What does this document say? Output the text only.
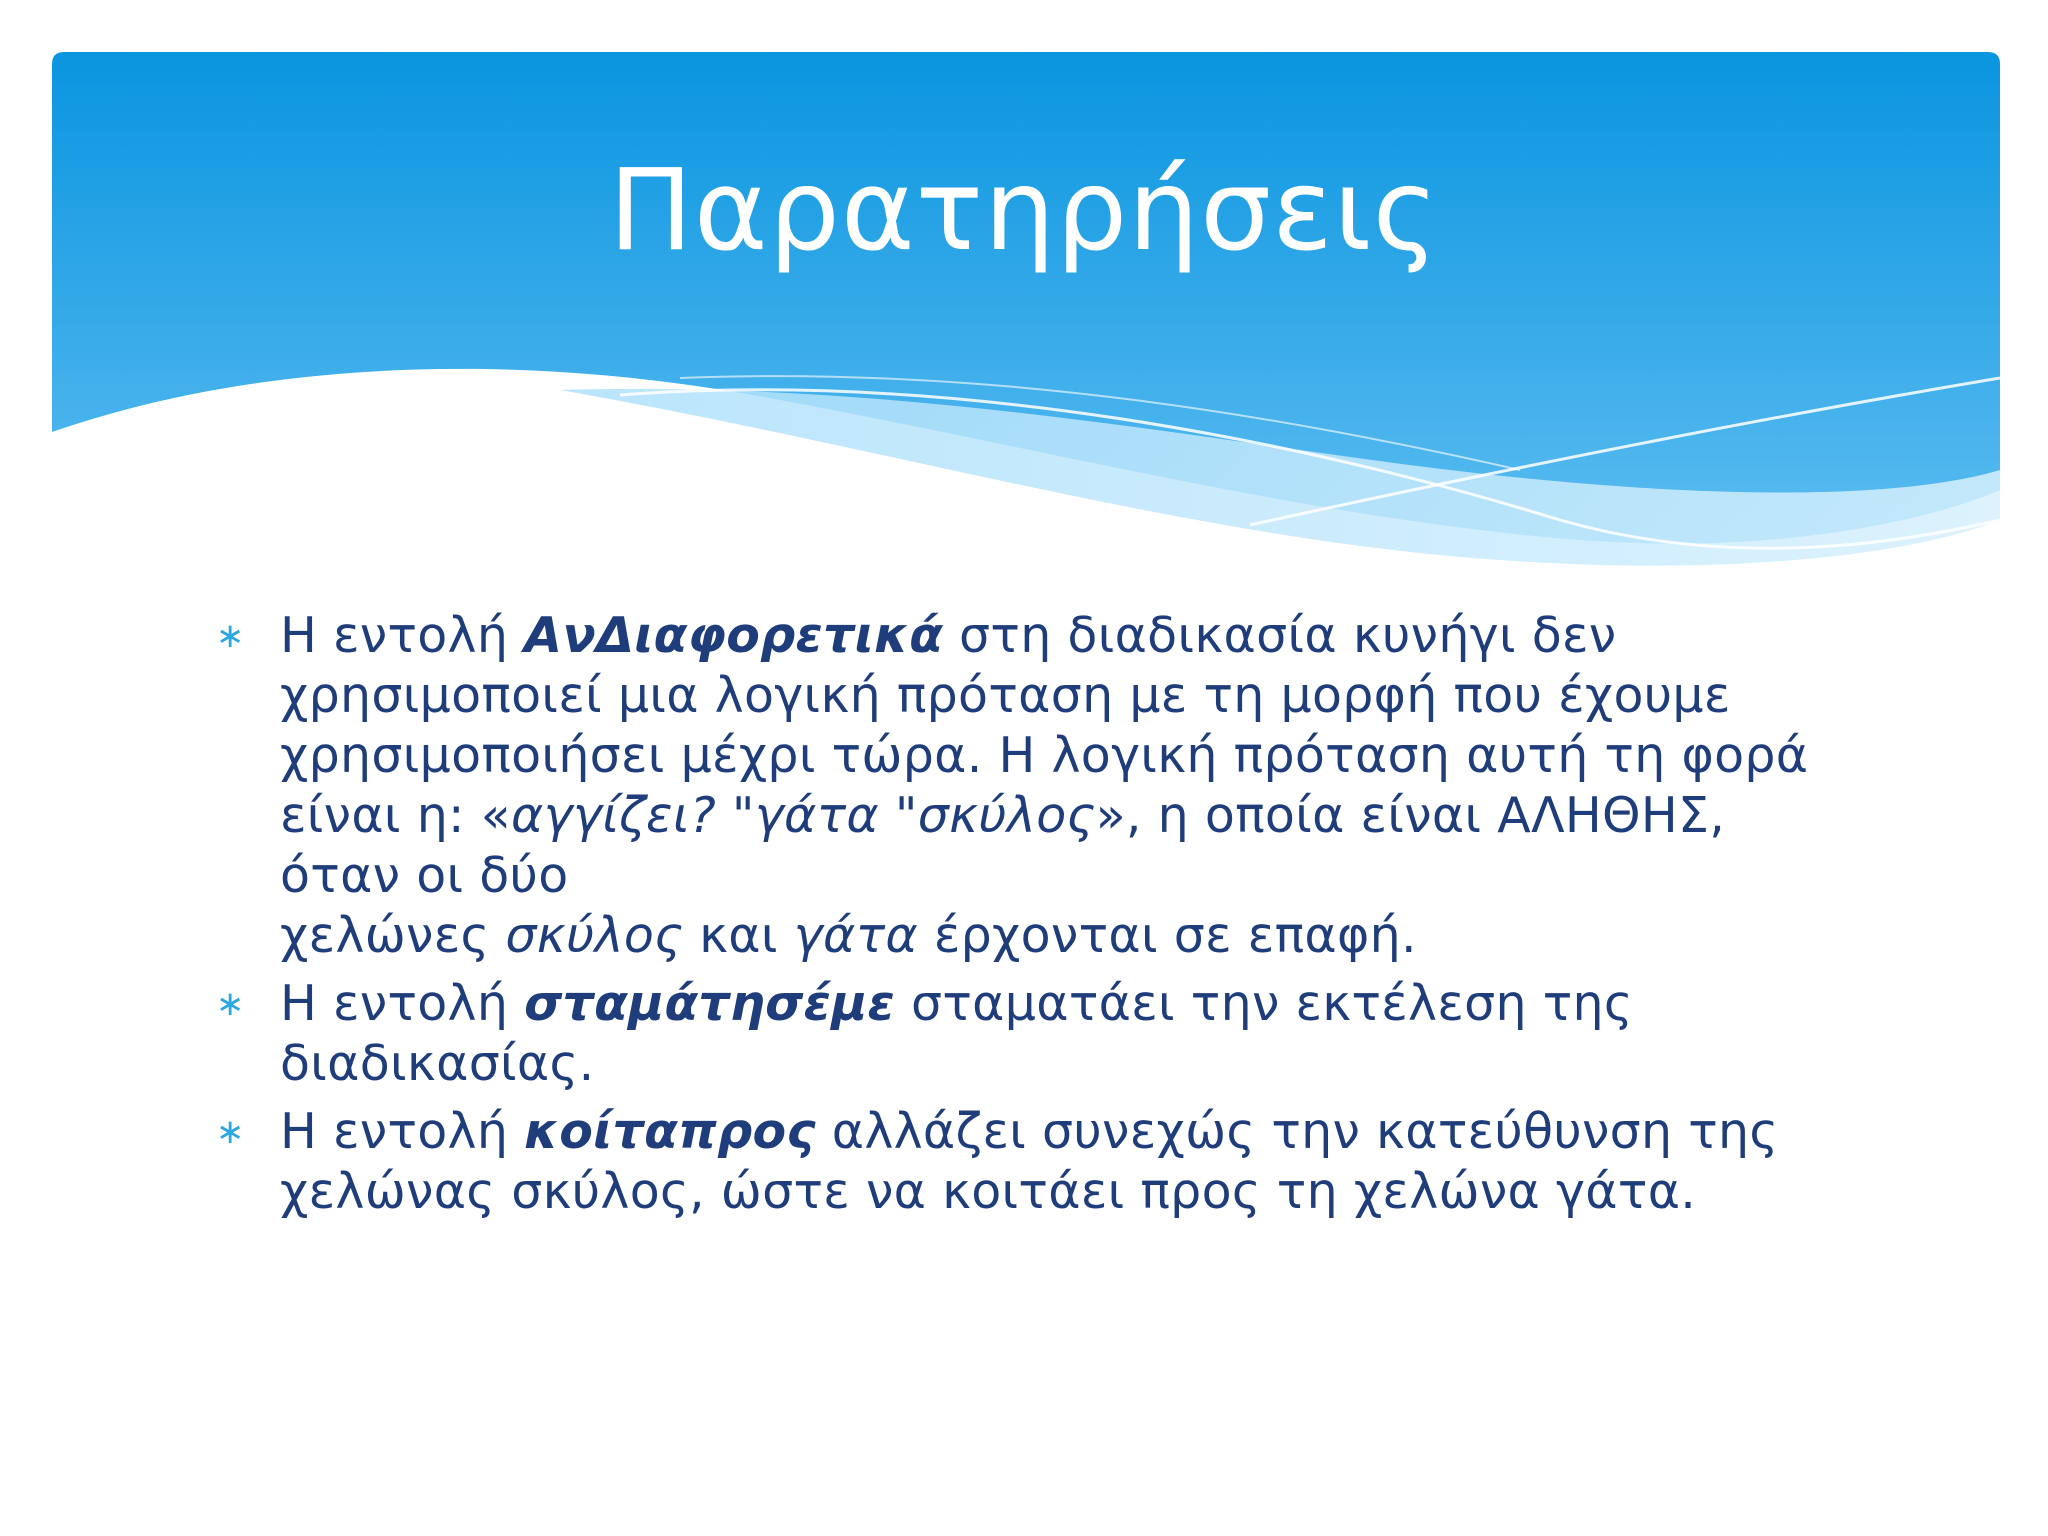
Παρατηρήσεις
∗ Η εντολή ΑνΔιαφορετικά στη διαδικασία κυνήγι δεν χρησιμοποιεί μια λογική πρόταση με τη μορφή που έχουμε χρησιμοποιήσει μέχρι τώρα. Η λογική πρόταση αυτή τη φορά είναι η: «αγγίζει? "γάτα "σκύλος», η οποία είναι ΑΛΗΘΗΣ, όταν οι δύο
χελώνες σκύλος και γάτα έρχονται σε επαφή.
∗ Η εντολή σταμάτησέμε σταματάει την εκτέλεση της διαδικασίας.
∗ Η εντολή κοίταπρος αλλάζει συνεχώς την κατεύθυνση της χελώνας σκύλος, ώστε να κοιτάει προς τη χελώνα γάτα.
